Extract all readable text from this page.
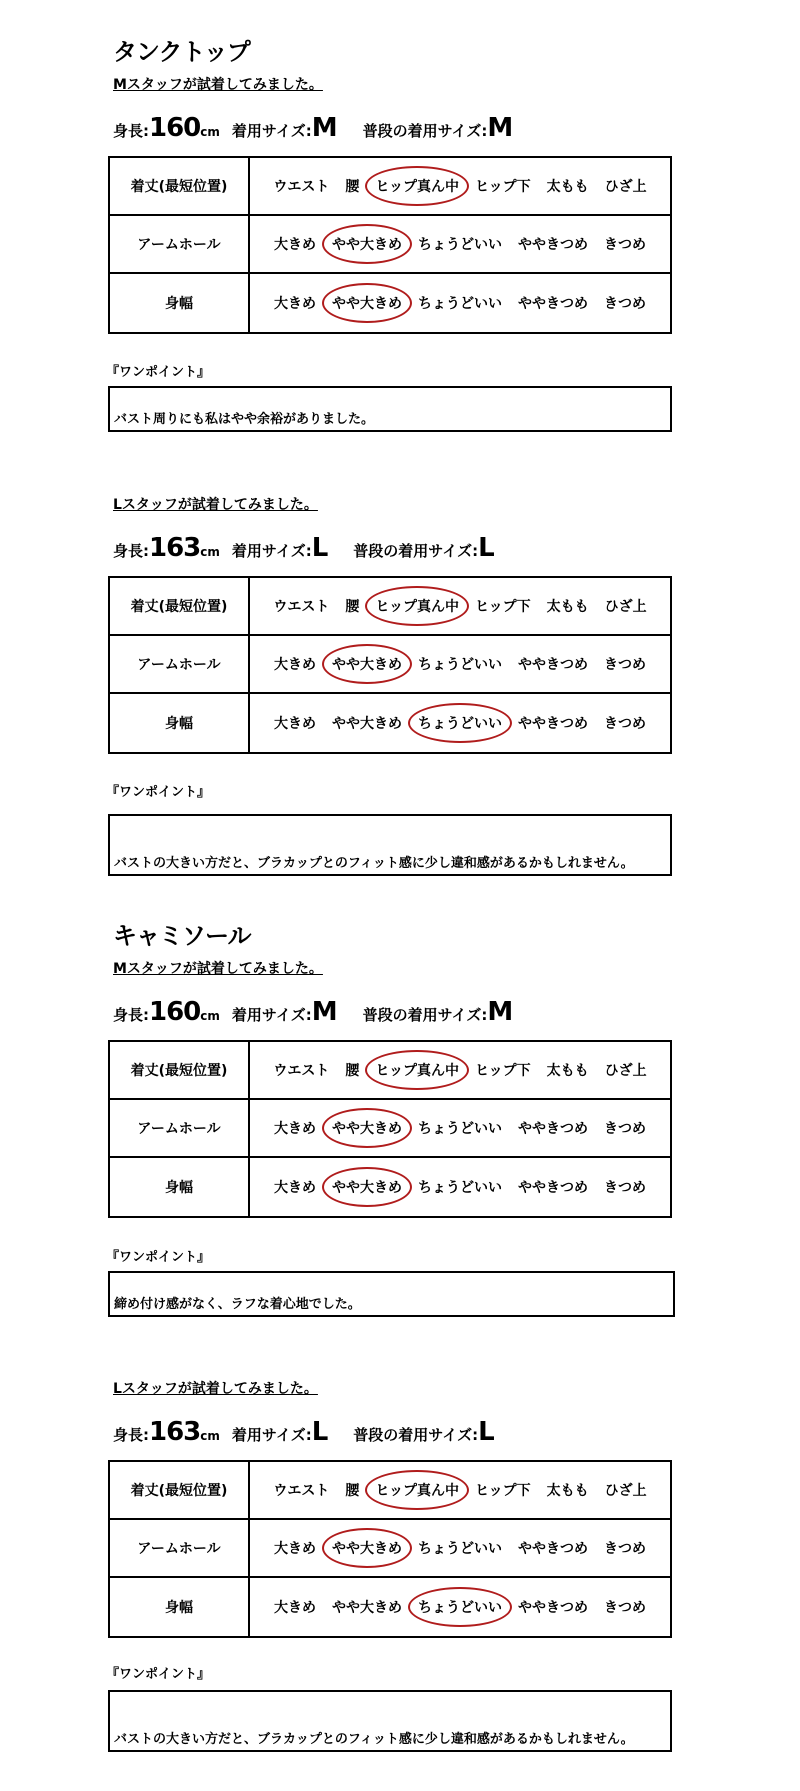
タンクトップ
Mスタッフが試着してみました。
身長:160cm 着用サイズ:M 普段の着用サイズ:M
着丈(最短位置)	ウエスト 腰 ヒップ真ん中 ヒップ下 太もも ひざ上
アームホール	大きめ やや大きめ ちょうどいい ややきつめ きつめ
身幅	大きめ やや大きめ ちょうどいい ややきつめ きつめ
『ワンポイント』
バスト周りにも私はやや余裕がありました。
Lスタッフが試着してみました。
身長:163cm 着用サイズ:L 普段の着用サイズ:L
着丈(最短位置)	ウエスト 腰 ヒップ真ん中 ヒップ下 太もも ひざ上
アームホール	大きめ やや大きめ ちょうどいい ややきつめ きつめ
身幅	大きめ やや大きめ ちょうどいい ややきつめ きつめ
『ワンポイント』
バストの大きい方だと、ブラカップとのフィット感に少し違和感があるかもしれません。
キャミソール
Mスタッフが試着してみました。
身長:160cm 着用サイズ:M 普段の着用サイズ:M
着丈(最短位置)	ウエスト 腰 ヒップ真ん中 ヒップ下 太もも ひざ上
アームホール	大きめ やや大きめ ちょうどいい ややきつめ きつめ
身幅	大きめ やや大きめ ちょうどいい ややきつめ きつめ
『ワンポイント』
締め付け感がなく、ラフな着心地でした。
Lスタッフが試着してみました。
身長:163cm 着用サイズ:L 普段の着用サイズ:L
着丈(最短位置)	ウエスト 腰 ヒップ真ん中 ヒップ下 太もも ひざ上
アームホール	大きめ やや大きめ ちょうどいい ややきつめ きつめ
身幅	大きめ やや大きめ ちょうどいい ややきつめ きつめ
『ワンポイント』
バストの大きい方だと、ブラカップとのフィット感に少し違和感があるかもしれません。
